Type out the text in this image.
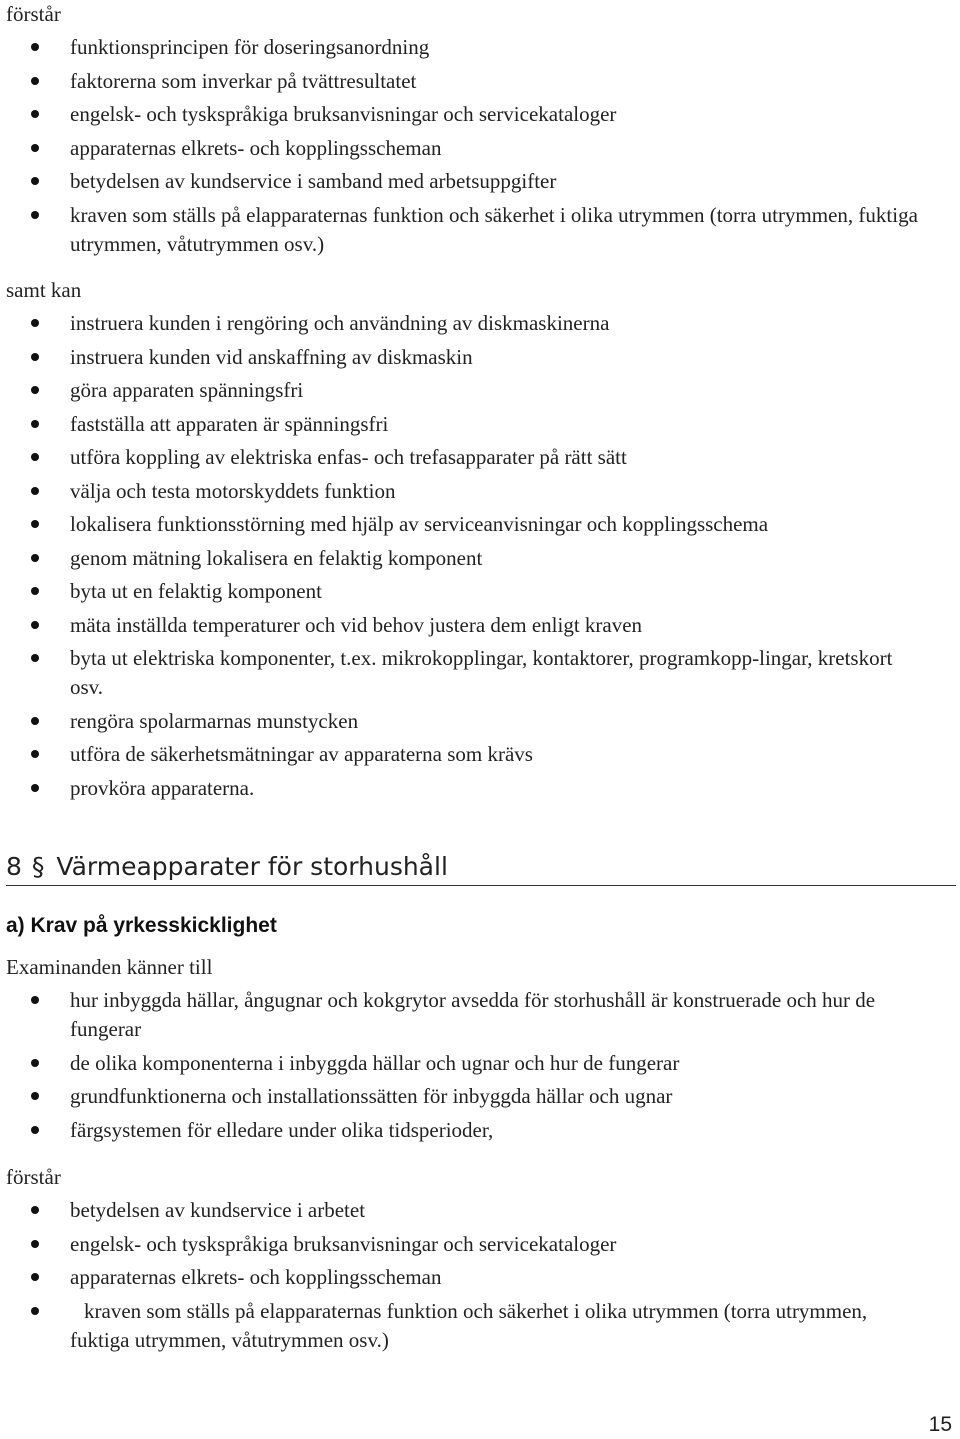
förstår
funktionsprincipen för doseringsanordning
faktorerna som inverkar på tvättresultatet
engelsk- och tyskspråkiga bruksanvisningar och servicekataloger
apparaternas elkrets- och kopplingsscheman
betydelsen av kundservice i samband med arbetsuppgifter
kraven som ställs på elapparaternas funktion och säkerhet i olika utrymmen (torra utrymmen, fuktiga utrymmen, våtutrymmen osv.)
samt kan
instruera kunden i rengöring och användning av diskmaskinerna
instruera kunden vid anskaffning av diskmaskin
göra apparaten spänningsfri
fastställa att apparaten är spänningsfri
utföra koppling av elektriska enfas- och trefasapparater på rätt sätt
välja och testa motorskyddets funktion
lokalisera funktionsstörning med hjälp av serviceanvisningar och kopplingsschema
genom mätning lokalisera en felaktig komponent
byta ut en felaktig komponent
mäta inställda temperaturer och vid behov justera dem enligt kraven
byta ut elektriska komponenter, t.ex. mikrokopplingar, kontaktorer, programkopp-lingar, kretskort osv.
rengöra spolarmarnas munstycken
utföra de säkerhetsmätningar av apparaterna som krävs
provköra apparaterna.
8 § Värmeapparater för storhushåll
a) Krav på yrkesskicklighet
Examinanden känner till
hur inbyggda hällar, ångugnar och kokgrytor avsedda för storhushåll är konstruerade och hur de fungerar
de olika komponenterna i inbyggda hällar och ugnar och hur de fungerar
grundfunktionerna och installationssätten för inbyggda hällar och ugnar
färgsystemen för elledare under olika tidsperioder,
förstår
betydelsen av kundservice i arbetet
engelsk- och tyskspråkiga bruksanvisningar och servicekataloger
apparaternas elkrets- och kopplingsscheman
kraven som ställs på elapparaternas funktion och säkerhet i olika utrymmen (torra utrymmen, fuktiga utrymmen, våtutrymmen osv.)
15
